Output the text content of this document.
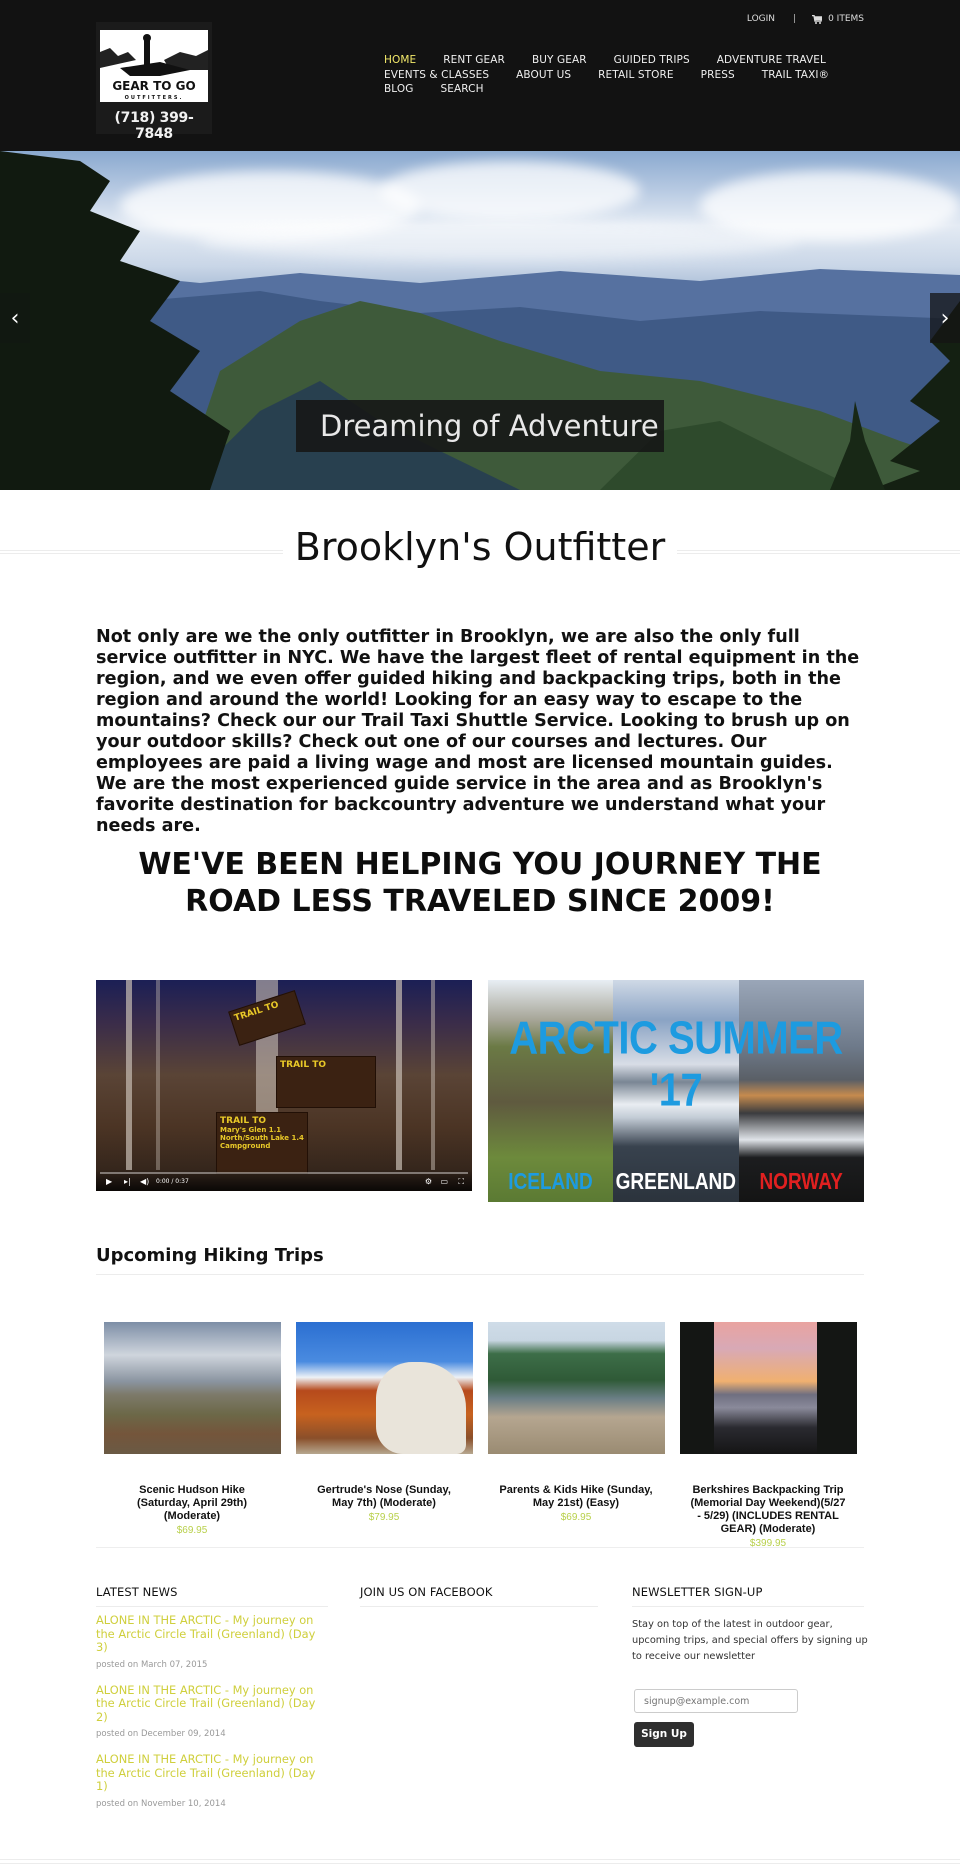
GEAR TO GO
OUTFITTERS.
(718) 399-7848
LOGIN |	0 ITEMS
HOME	RENT GEAR	BUY GEAR	GUIDED TRIPS	ADVENTURE TRAVEL
EVENTS & CLASSES	ABOUT US	RETAIL STORE	PRESS	TRAIL TAXI®
BLOG	SEARCH
‹	›
Dreaming of Adventure
Brooklyn's Outfitter

Not only are we the only outfitter in Brooklyn, we are also the only full service outfitter in NYC. We have the largest fleet of rental equipment in the region, and we even offer guided hiking and backpacking trips, both in the region and around the world! Looking for an easy way to escape to the mountains? Check our our Trail Taxi Shuttle Service. Looking to brush up on your outdoor skills? Check out one of our courses and lectures. Our employees are paid a living wage and most are licensed mountain guides. We are the most experienced guide service in the area and as Brooklyn's favorite destination for backcountry adventure we understand what your needs are.

WE'VE BEEN HELPING YOU JOURNEY THE ROAD LESS TRAVELED SINCE 2009!
TRAIL TO
TRAIL TO
TRAIL TO
Mary's Glen 1.1
North/South Lake 1.4
Campground
▶ ▸| ◀) 0:00 / 0:37	⚙ ▭ ⛶	ICELAND	GREENLAND	NORWAY
ARCTIC SUMMER '17
Upcoming Hiking Trips
Scenic Hudson Hike (Saturday, April 29th) (Moderate)
$69.95
Gertrude's Nose (Sunday, May 7th) (Moderate)
$79.95
Parents & Kids Hike (Sunday, May 21st) (Easy)
$69.95
Berkshires Backpacking Trip (Memorial Day Weekend)(5/27 - 5/29) (INCLUDES RENTAL GEAR) (Moderate)
$399.95
LATEST NEWS
ALONE IN THE ARCTIC - My journey on the Arctic Circle Trail (Greenland) (Day 3)
posted on March 07, 2015
ALONE IN THE ARCTIC - My journey on the Arctic Circle Trail (Greenland) (Day 2)
posted on December 09, 2014
ALONE IN THE ARCTIC - My journey on the Arctic Circle Trail (Greenland) (Day 1)
posted on November 10, 2014
JOIN US ON FACEBOOK	NEWSLETTER SIGN-UP

Stay on top of the latest in outdoor gear, upcoming trips, and special offers by signing up to receive our newsletter

signup@example.com
Sign Up
